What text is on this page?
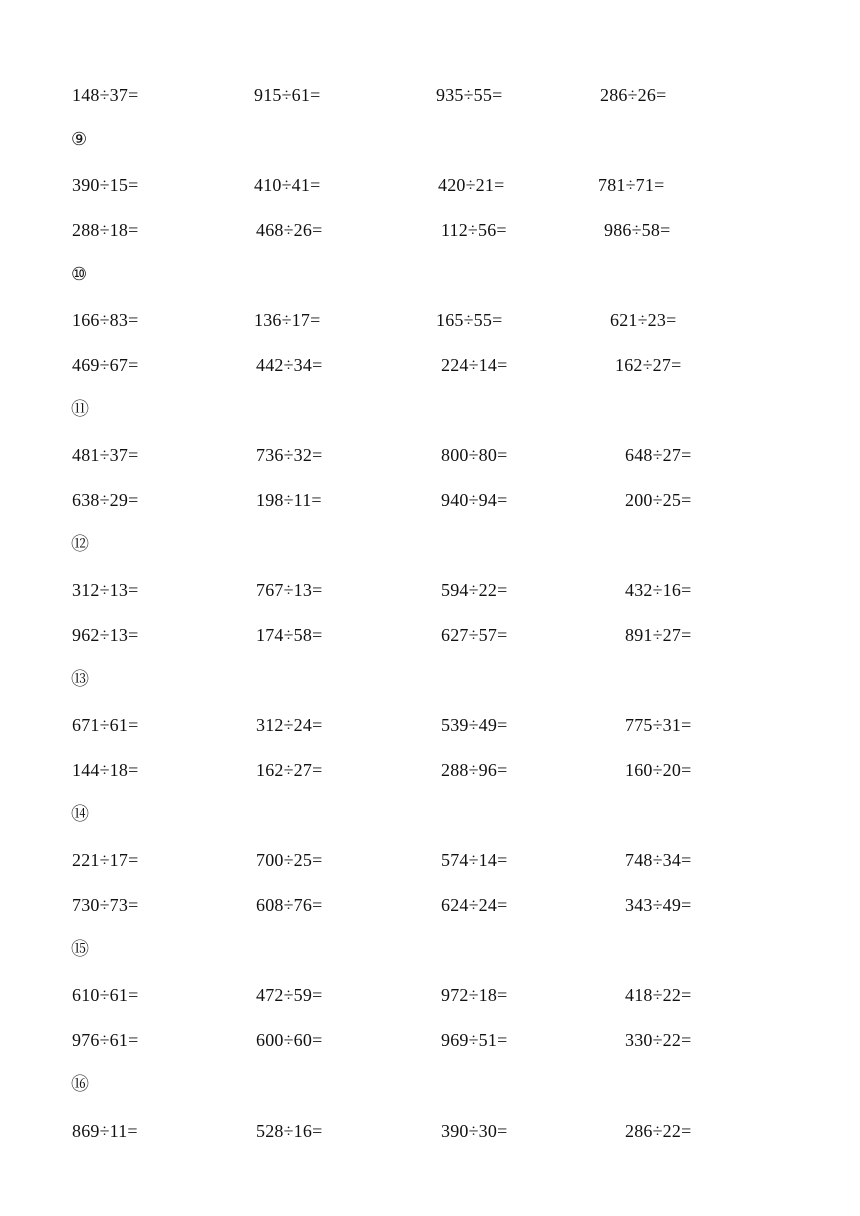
148÷37=	915÷61=	935÷55=	286÷26=
⑨
390÷15=	410÷41=	420÷21=	781÷71=
288÷18=	468÷26=	112÷56=	986÷58=
⑩
166÷83=	136÷17=	165÷55=	621÷23=
469÷67=	442÷34=	224÷14=	162÷27=
⑪
481÷37=	736÷32=	800÷80=	648÷27=
638÷29=	198÷11=	940÷94=	200÷25=
⑫
312÷13=	767÷13=	594÷22=	432÷16=
962÷13=	174÷58=	627÷57=	891÷27=
⑬
671÷61=	312÷24=	539÷49=	775÷31=
144÷18=	162÷27=	288÷96=	160÷20=
⑭
221÷17=	700÷25=	574÷14=	748÷34=
730÷73=	608÷76=	624÷24=	343÷49=
⑮
610÷61=	472÷59=	972÷18=	418÷22=
976÷61=	600÷60=	969÷51=	330÷22=
⑯
869÷11=	528÷16=	390÷30=	286÷22=
